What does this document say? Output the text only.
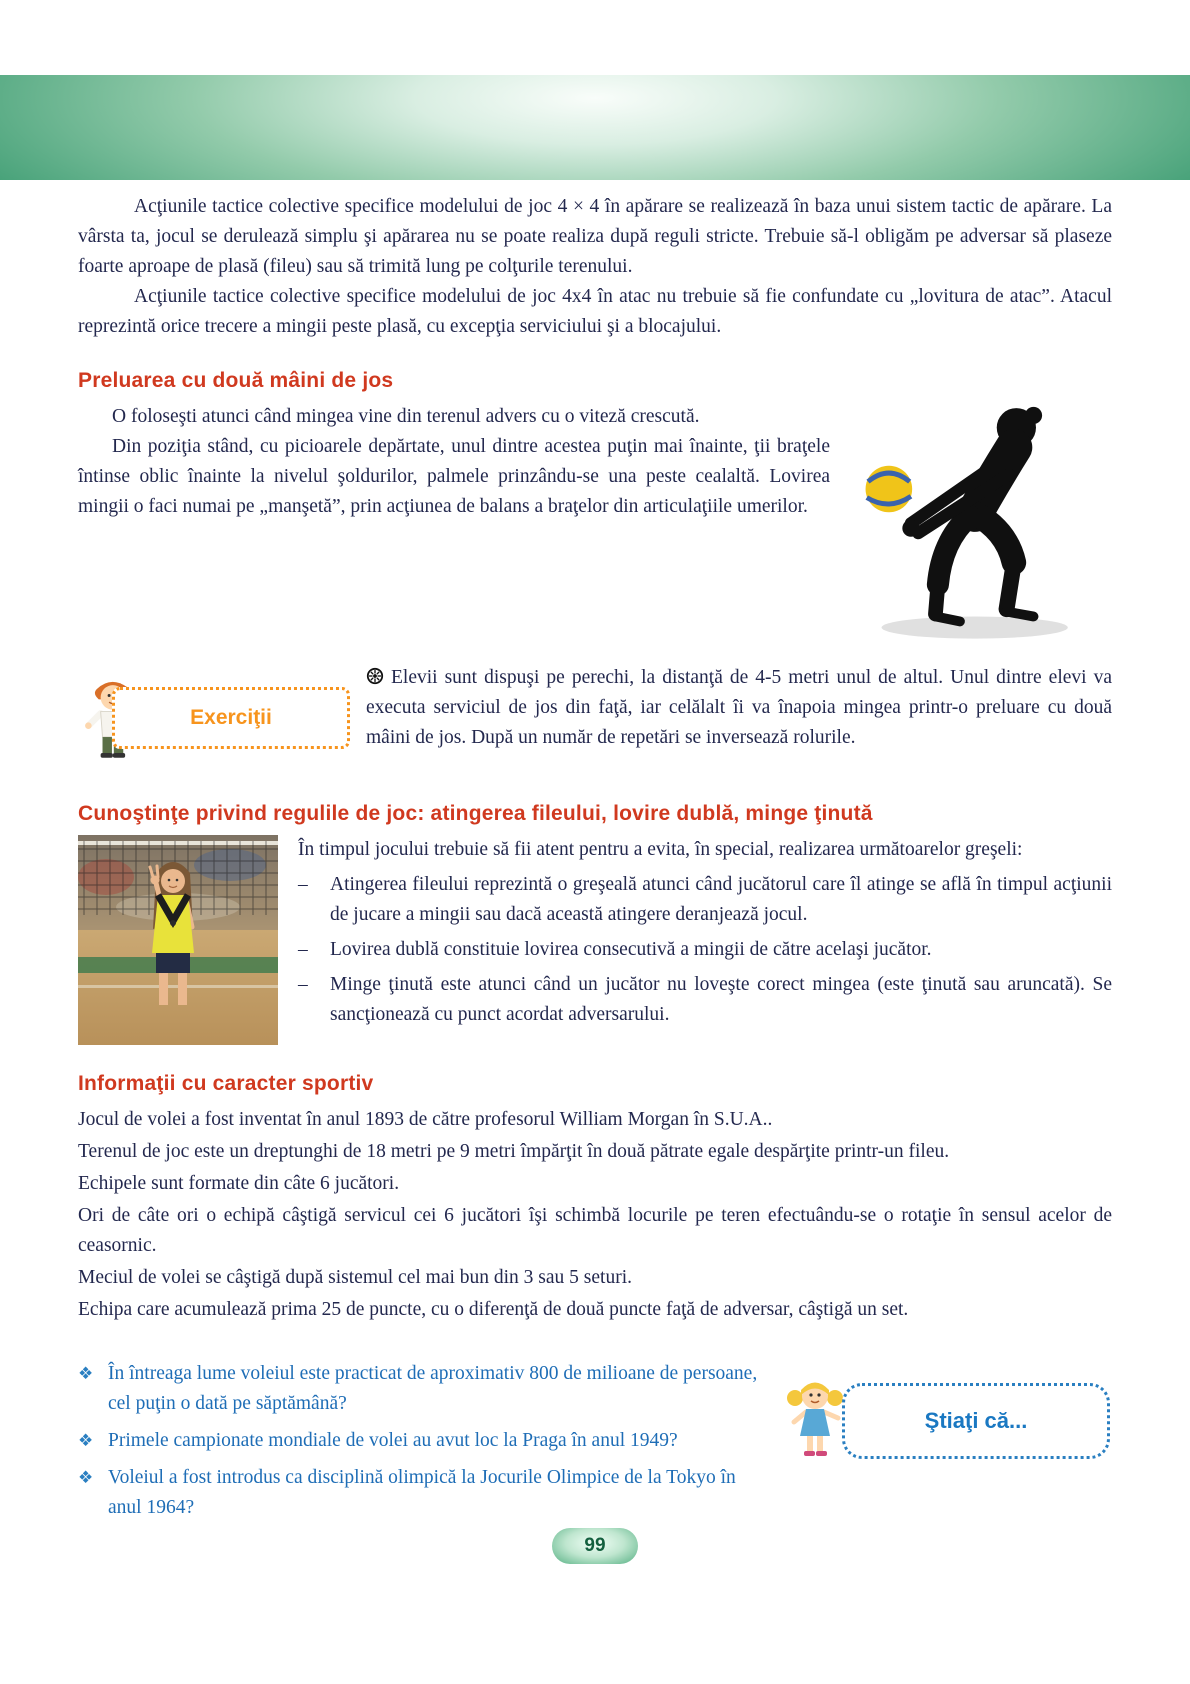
Acţiunile tactice colective specifice modelului de joc 4 × 4 în apărare se realizează în baza unui sistem tactic de apărare. La vârsta ta, jocul se derulează simplu şi apărarea nu se poate realiza după reguli stricte. Trebuie să-l obligăm pe adversar să plaseze foarte aproape de plasă (fileu) sau să trimită lung pe colţurile terenului.

Acţiunile tactice colective specifice modelului de joc 4x4 în atac nu trebuie să fie confundate cu „lovitura de atac”. Atacul reprezintă orice trecere a mingii peste plasă, cu excepţia serviciului şi a blocajului.

Preluarea cu două mâini de jos

O foloseşti atunci când mingea vine din terenul advers cu o viteză crescută.

Din poziţia stând, cu picioarele depărtate, unul dintre acestea puţin mai înainte, ţii braţele întinse oblic înainte la nivelul şoldurilor, palmele prinzându-se una peste cealaltă. Lovirea mingii o faci numai pe „manşetă”, prin acţiunea de balans a braţelor din articulaţiile umerilor.

Exerciţii

Elevii sunt dispuşi pe perechi, la distanţă de 4-5 metri unul de altul. Unul dintre elevi va executa serviciul de jos din faţă, iar celălalt îi va înapoia mingea printr-o preluare cu două mâini de jos. După un număr de repetări se inversează rolurile.

Cunoştinţe privind regulile de joc: atingerea fileului, lovire dublă, minge ţinută

În timpul jocului trebuie să fii atent pentru a evita, în special, realizarea următoarelor greşeli:

–	Atingerea fileului reprezintă o greşeală atunci când jucătorul care îl atinge se află în timpul acţiunii de jucare a mingii sau dacă această atingere deranjează jocul.
–	Lovirea dublă constituie lovirea consecutivă a mingii de către acelaşi jucător.
–	Minge ţinută este atunci când un jucător nu loveşte corect mingea (este ţinută sau aruncată). Se sancţionează cu punct acordat adversarului.
Informaţii cu caracter sportiv

Jocul de volei a fost inventat în anul 1893 de către profesorul William Morgan în S.U.A..

Terenul de joc este un dreptunghi de 18 metri pe 9 metri împărţit în două pătrate egale despărţite printr-un fileu.

Echipele sunt formate din câte 6 jucători.

Ori de câte ori o echipă câştigă servicul cei 6 jucători îşi schimbă locurile pe teren efectuându-se o rotaţie în sensul acelor de ceasornic.

Meciul de volei se câştigă după sistemul cel mai bun din 3 sau 5 seturi.

Echipa care acumulează prima 25 de puncte, cu o diferenţă de două puncte faţă de adversar, câştigă un set.

❖ În întreaga lume voleiul este practicat de aproximativ 800 de milioane de persoane, cel puţin o dată pe săptămână?
❖ Primele campionate mondiale de volei au avut loc la Praga în anul 1949?
❖ Voleiul a fost introdus ca disciplină olimpică la Jocurile Olimpice de la Tokyo în anul 1964?
Ştiaţi că...
99
